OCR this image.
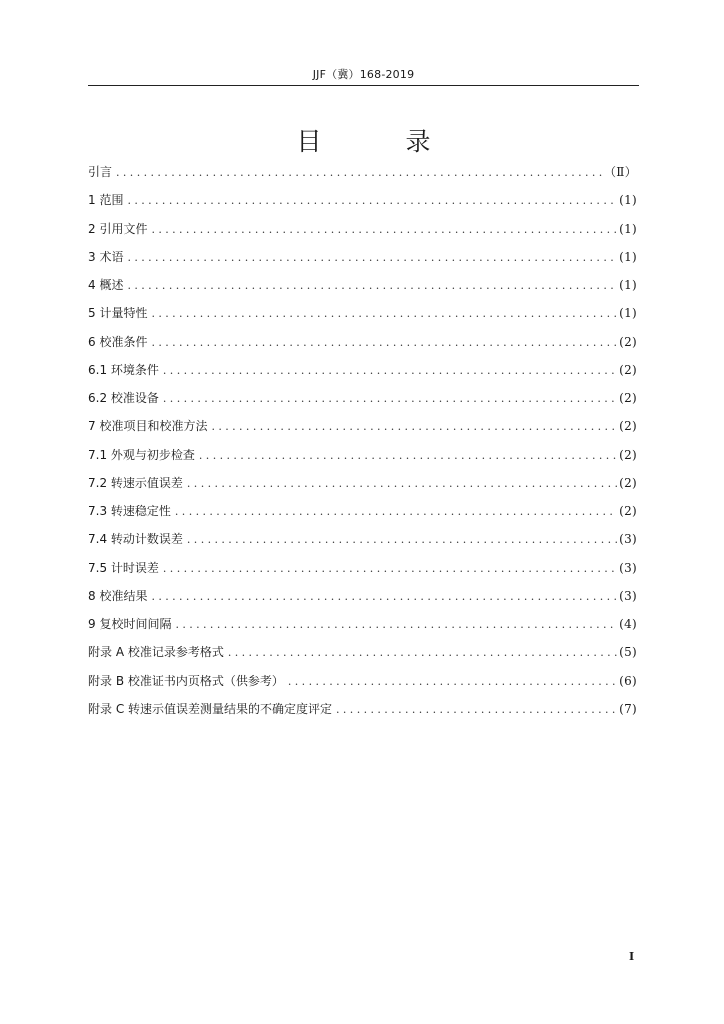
JJF（冀）168-2019
目 录
引言 .....	（Ⅱ）
1 范围 .....	(1)
2 引用文件 .....	(1)
3 术语 .....	(1)
4 概述 .....	(1)
5 计量特性 .....	(1)
6 校准条件 .....	(2)
6.1 环境条件 .....	(2)
6.2 校准设备 .....	(2)
7 校准项目和校准方法 .....	(2)
7.1 外观与初步检查 .....	(2)
7.2 转速示值误差 .....	(2)
7.3 转速稳定性 .....	(2)
7.4 转动计数误差 .....	(3)
7.5 计时误差 .....	(3)
8 校准结果 .....	(3)
9 复校时间间隔 .....	(4)
附录 A 校准记录参考格式 .....	(5)
附录 B 校准证书内页格式（供参考） .....	(6)
附录 C 转速示值误差测量结果的不确定度评定 .....	(7)
I
